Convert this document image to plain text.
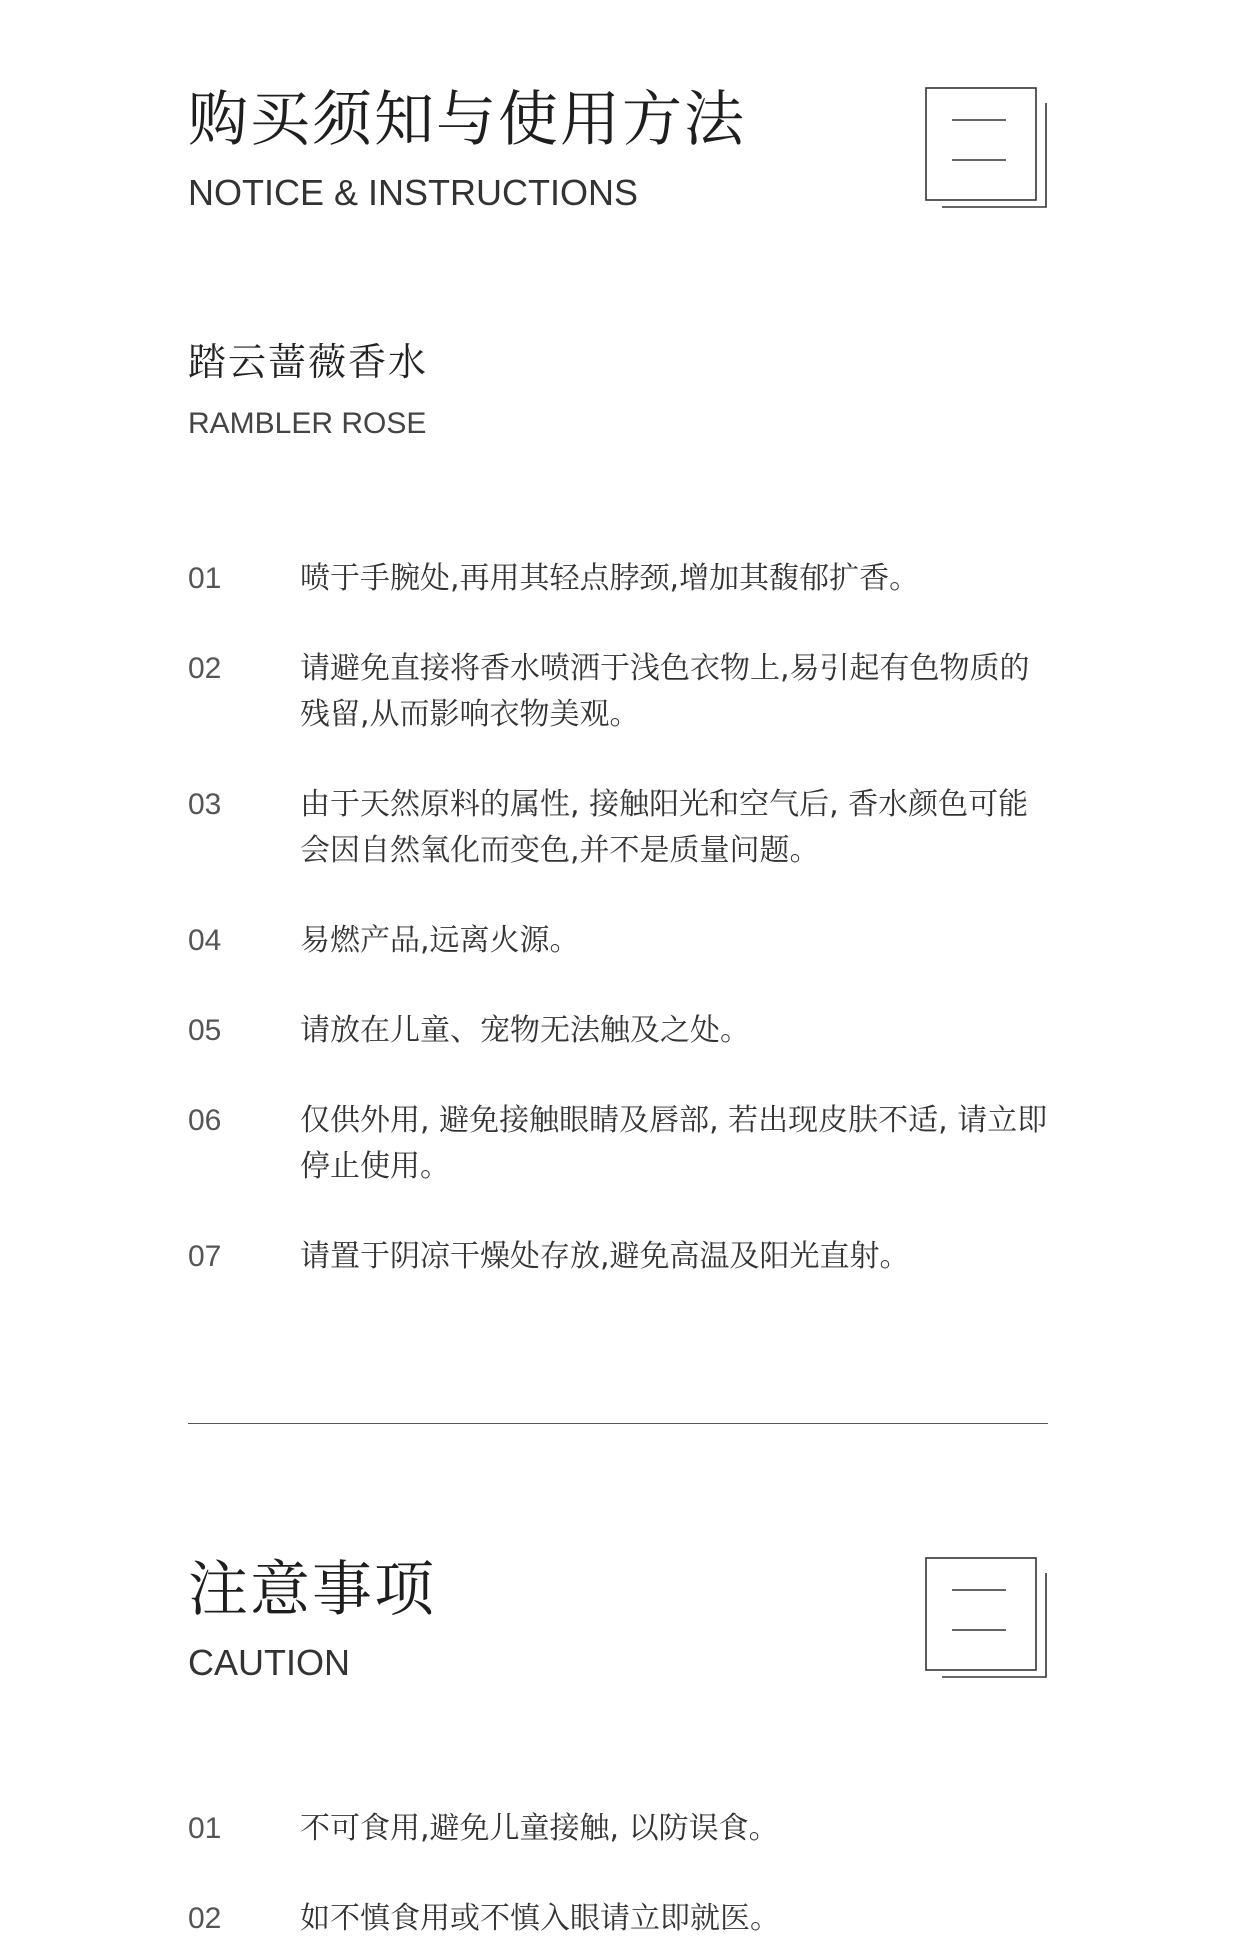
购买须知与使用方法
NOTICE & INSTRUCTIONS
踏云蔷薇香水
RAMBLER ROSE
01	喷于手腕处,再用其轻点脖颈,增加其馥郁扩香。
02	请避免直接将香水喷洒于浅色衣物上,易引起有色物质的残留,从而影响衣物美观。
03	由于天然原料的属性, 接触阳光和空气后, 香水颜色可能会因自然氧化而变色,并不是质量问题。
04	易燃产品,远离火源。
05	请放在儿童、宠物无法触及之处。
06	仅供外用, 避免接触眼睛及唇部, 若出现皮肤不适, 请立即停止使用。
07	请置于阴凉干燥处存放,避免高温及阳光直射。
注意事项
CAUTION
01	不可食用,避免儿童接触, 以防误食。
02	如不慎食用或不慎入眼请立即就医。
